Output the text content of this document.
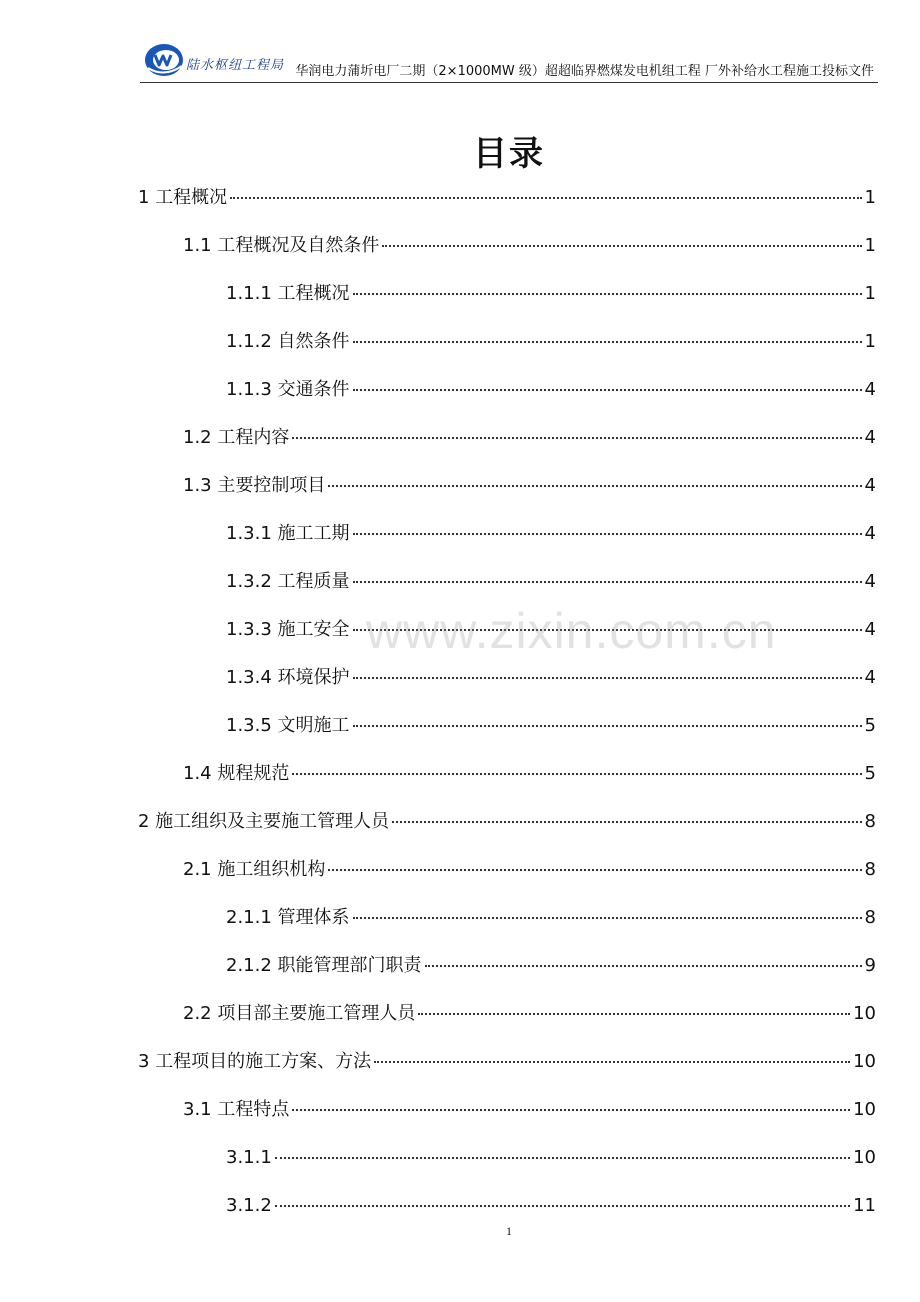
陆水枢纽工程局 华润电力蒲圻电厂二期（2×1000MW 级）超超临界燃煤发电机组工程 厂外补给水工程施工投标文件
目录
1 工程概况	1
1.1 工程概况及自然条件	1
1.1.1 工程概况	1
1.1.2 自然条件	1
1.1.3 交通条件	4
1.2 工程内容	4
1.3 主要控制项目	4
1.3.1 施工工期	4
1.3.2 工程质量	4
1.3.3 施工安全	4
1.3.4 环境保护	4
1.3.5 文明施工	5
1.4 规程规范	5
2 施工组织及主要施工管理人员	8
2.1 施工组织机构	8
2.1.1 管理体系	8
2.1.2 职能管理部门职责	9
2.2 项目部主要施工管理人员	10
3 工程项目的施工方案、方法	10
3.1 工程特点	10
3.1.1	10
3.1.2	11
www.zixin.com.cn
1
